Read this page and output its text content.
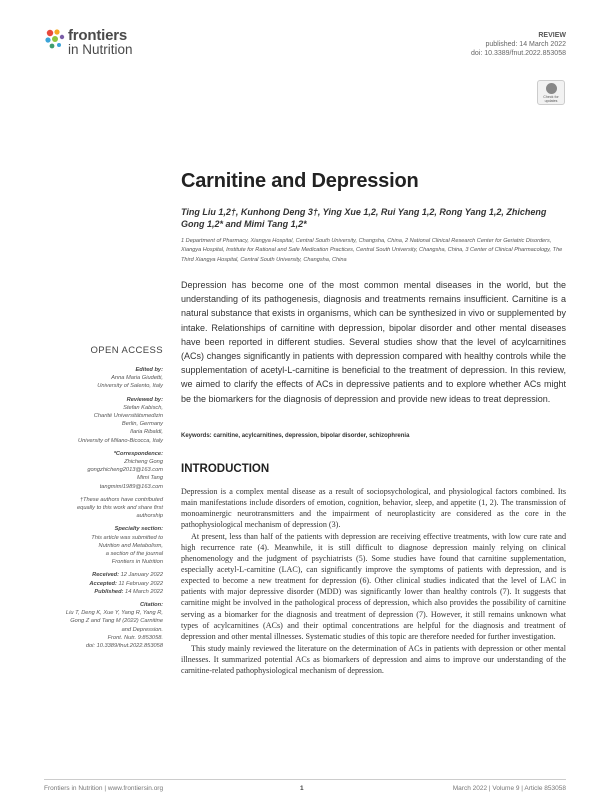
frontiers
in Nutrition
REVIEW
published: 14 March 2022
doi: 10.3389/fnut.2022.853058
Check for updates
Carnitine and Depression
Ting Liu 1,2†, Kunhong Deng 3†, Ying Xue 1,2, Rui Yang 1,2, Rong Yang 1,2, Zhicheng Gong 1,2* and Mimi Tang 1,2*
1 Department of Pharmacy, Xiangya Hospital, Central South University, Changsha, China, 2 National Clinical Research Center for Geriatric Disorders, Xiangya Hospital, Institute for Rational and Safe Medication Practices, Central South University, Changsha, China, 3 Center of Clinical Pharmacology, The Third Xiangya Hospital, Central South University, Changsha, China
Depression has become one of the most common mental diseases in the world, but the understanding of its pathogenesis, diagnosis and treatments remains insufficient. Carnitine is a natural substance that exists in organisms, which can be synthesized in vivo or supplemented by intake. Relationships of carnitine with depression, bipolar disorder and other mental diseases have been reported in different studies. Several studies show that the level of acylcarnitines (ACs) changes significantly in patients with depression compared with healthy controls while the supplementation of acetyl-L-carnitine is beneficial to the treatment of depression. In this review, we aimed to clarify the effects of ACs in depressive patients and to explore whether ACs might be the biomarkers for the diagnosis of depression and provide new ideas to treat depression.
Keywords: carnitine, acylcarnitines, depression, bipolar disorder, schizophrenia
OPEN ACCESS
Edited by:
Anna Maria Giudetti,
University of Salento, Italy
Reviewed by:
Stefan Kabisch,
Charité Universitätsmedizin
Berlin, Germany
Ilaria Ribaldi,
University of Milano-Bicocca, Italy
*Correspondence:
Zhicheng Gong
gongzhicheng2013@163.com
Mimi Tang
tangmimi1989@163.com
†These authors have contributed
equally to this work and share first
authorship
Specialty section:
This article was submitted to
Nutrition and Metabolism,
a section of the journal
Frontiers in Nutrition
Received: 12 January 2022
Accepted: 11 February 2022
Published: 14 March 2022
Citation:
Liu T, Deng K, Xue Y, Yang R, Yang R,
Gong Z and Tang M (2022) Carnitine
and Depression.
Front. Nutr. 9:853058.
doi: 10.3389/fnut.2022.853058
INTRODUCTION

Depression is a complex mental disease as a result of sociopsychological, and physiological factors combined. Its main manifestations include disorders of emotion, cognition, behavior, sleep, and appetite (1, 2). The transmission of monoaminergic neurotransmitters and the impairment of neuroplasticity are considered as the core in the pathophysiological mechanism of depression (3).

At present, less than half of the patients with depression are receiving effective treatments, with low cure rate and high recurrence rate (4). Meanwhile, it is still difficult to diagnose depression mainly relying on clinical phenomenology and the judgment of psychiatrists (5). Some studies have found that carnitine supplementation, especially acetyl-L-carnitine (LAC), can significantly improve the symptoms of patients with depression, and is expected to become a new treatment for depression (6). Other clinical studies indicated that the level of LAC in patients with major depressive disorder (MDD) was significantly lower than healthy controls (7). It suggests that carnitine might be involved in the pathological process of depression, which also provides the possibility of carnitine serving as a biomarker for the diagnosis and treatment of depression (7). However, it still remains unknown what types of acylcarnitines (ACs) and their optimal concentrations are helpful for the diagnosis and treatment of depression and other mental illnesses. Systematic studies of this topic are therefore needed for further investigation.

This study mainly reviewed the literature on the determination of ACs in patients with depression or other mental illnesses. It summarized potential ACs as biomarkers of depression and aims to improve our understanding of the carnitine-related pathophysiological mechanism of depression.

Frontiers in Nutrition | www.frontiersin.org	1	March 2022 | Volume 9 | Article 853058
